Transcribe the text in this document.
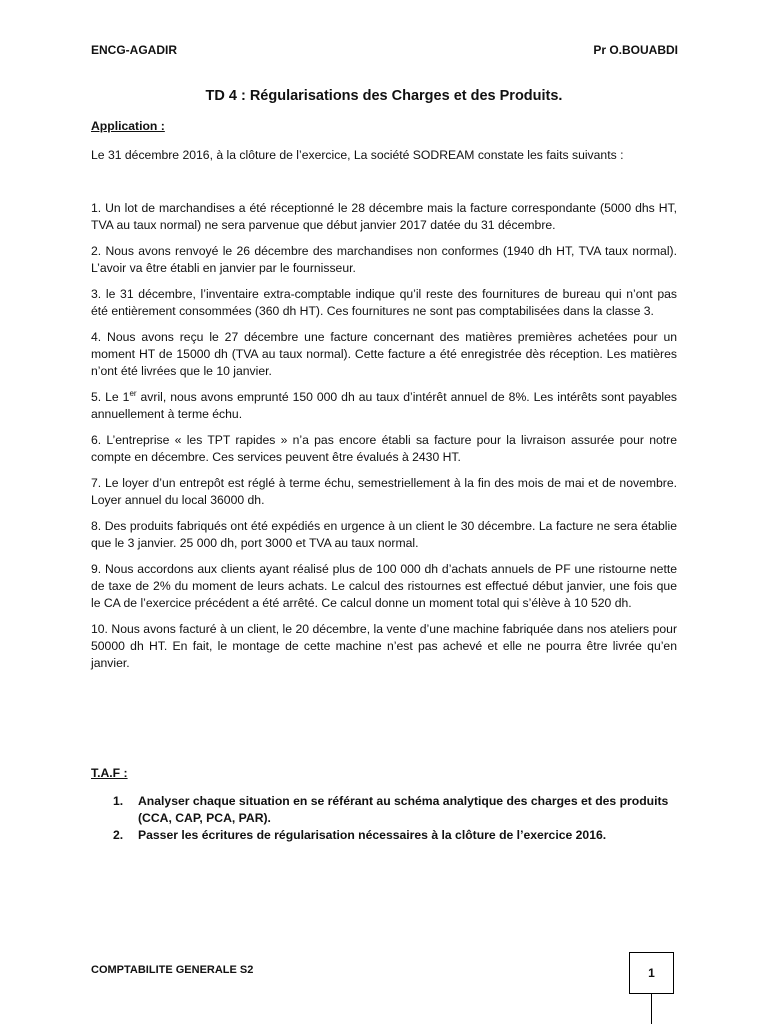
ENCG-AGADIR	Pr O.BOUABDI
TD 4 : Régularisations des Charges et des Produits.
Application :
Le 31 décembre 2016, à la clôture de l’exercice, La société SODREAM constate les faits suivants :

1. Un lot de marchandises a été réceptionné le 28 décembre mais la facture correspondante (5000 dhs HT, TVA au taux normal) ne sera parvenue que début janvier 2017 datée du 31 décembre.

2. Nous avons renvoyé le 26 décembre des marchandises non conformes (1940 dh HT, TVA taux normal). L’avoir va être établi en janvier par le fournisseur.

3. le 31 décembre, l’inventaire extra-comptable indique qu’il reste des fournitures de bureau qui n’ont pas été entièrement consommées (360 dh HT). Ces fournitures ne sont pas comptabilisées dans la classe 3.

4. Nous avons reçu le 27 décembre une facture concernant des matières premières achetées pour un moment HT de 15000 dh (TVA au taux normal). Cette facture a été enregistrée dès réception. Les matières n’ont été livrées que le 10 janvier.

5. Le 1er avril, nous avons emprunté 150 000 dh au taux d’intérêt annuel de 8%. Les intérêts sont payables annuellement à terme échu.

6. L’entreprise « les TPT rapides » n’a pas encore établi sa facture pour la livraison assurée pour notre compte en décembre. Ces services peuvent être évalués à 2430 HT.

7. Le loyer d’un entrepôt est réglé à terme échu, semestriellement à la fin des mois de mai et de novembre. Loyer annuel du local 36000 dh.

8. Des produits fabriqués ont été expédiés en urgence à un client le 30 décembre. La facture ne sera établie que le 3 janvier. 25 000 dh, port 3000 et TVA au taux normal.

9. Nous accordons aux clients ayant réalisé plus de 100 000 dh d’achats annuels de PF une ristourne nette de taxe de 2% du moment de leurs achats. Le calcul des ristournes est effectué début janvier, une fois que le CA de l’exercice précédent a été arrêté. Ce calcul donne un moment total qui s’élève à 10 520 dh.

10. Nous avons facturé à un client, le 20 décembre, la vente d’une machine fabriquée dans nos ateliers pour 50000 dh HT. En fait, le montage de cette machine n’est pas achevé et elle ne pourra être livrée qu’en janvier.

T.A.F :
1.	Analyser chaque situation en se référant au schéma analytique des charges et des produits (CCA, CAP, PCA, PAR).
2.	Passer les écritures de régularisation nécessaires à la clôture de l’exercice 2016.
COMPTABILITE GENERALE S2	1
